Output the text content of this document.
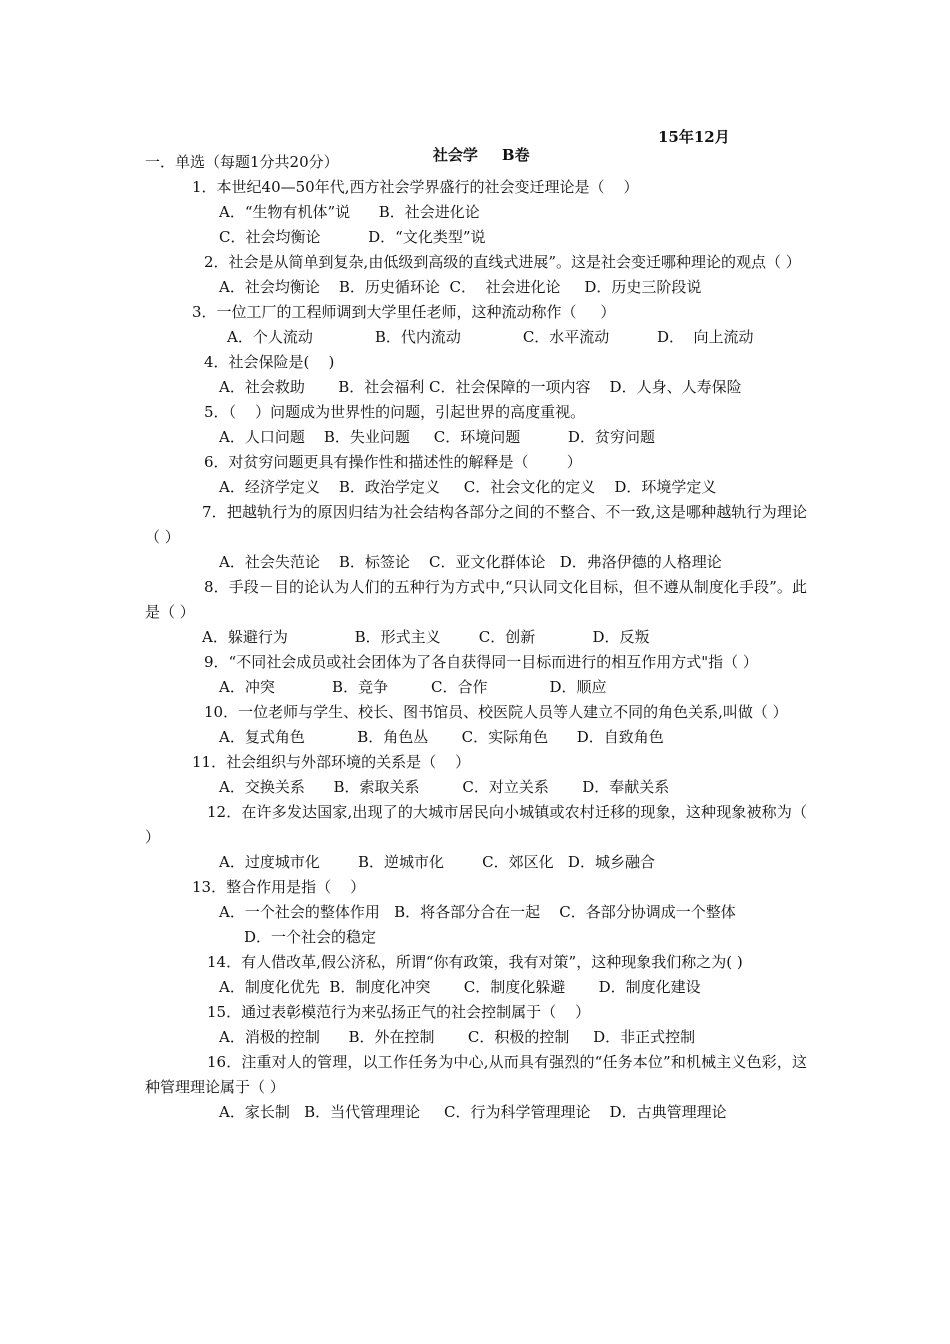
社会学 B卷
15年12月

一．单选（每题1分共20分）
1．本世纪40—50年代,西方社会学界盛行的社会变迁理论是（    ）
A．“生物有机体”说      B．社会进化论
C．社会均衡论          D．“文化类型”说
2．社会是从简单到复杂,由低级到高级的直线式进展”。这是社会变迁哪种理论的观点（ ）
A．社会均衡论    B．历史循环论  C．  社会进化论     D．历史三阶段说
3．一位工厂的工程师调到大学里任老师，这种流动称作（     ）
A．个人流动             B．代内流动             C．水平流动          D．  向上流动
4．社会保险是(    )
A．社会救助       B．社会福利 C．社会保障的一项内容    D．人身、人寿保险
5．（    ）问题成为世界性的问题，引起世界的高度重视。
A．人口问题    B．失业问题     C．环境问题          D．贫穷问题
6．对贫穷问题更具有操作性和描述性的解释是（        ）
A．经济学定义    B．政治学定义     C．社会文化的定义    D．环境学定义
7．把越轨行为的原因归结为社会结构各部分之间的不整合、不一致,这是哪种越轨行为理论（ ）
A．社会失范论    B．标签论    C．亚文化群体论   D．弗洛伊德的人格理论
8．手段－目的论认为人们的五种行为方式中,“只认同文化目标，但不遵从制度化手段”。此是（ ）
A．躲避行为              B．形式主义        C．创新            D．反叛
9．“不同社会成员或社会团体为了各自获得同一目标而进行的相互作用方式"指（ ）
A．冲突            B．竞争         C．合作             D．顺应
10．一位老师与学生、校长、图书馆员、校医院人员等人建立不同的角色关系,叫做（ ）
A．复式角色           B．角色丛       C．实际角色      D．自致角色
11．社会组织与外部环境的关系是（    ）
A．交换关系      B．索取关系         C．对立关系       D．奉献关系
12．在许多发达国家,出现了的大城市居民向小城镇或农村迁移的现象，这种现象被称为（ ）
A．过度城市化        B．逆城市化        C．郊区化   D．城乡融合
13．整合作用是指（    ）
A．一个社会的整体作用   B．将各部分合在一起    C．各部分协调成一个整体
D．一个社会的稳定
14．有人借改革,假公济私，所谓“你有政策，我有对策”，这种现象我们称之为( )
A．制度化优先  B．制度化冲突       C．制度化躲避       D．制度化建设
15．通过表彰模范行为来弘扬正气的社会控制属于（    ）
A．消极的控制      B．外在控制       C．积极的控制     D．非正式控制
16．注重对人的管理，以工作任务为中心,从而具有强烈的“任务本位”和机械主义色彩，这种管理理论属于（ ）
A．家长制   B．当代管理理论     C．行为科学管理理论    D．古典管理理论
